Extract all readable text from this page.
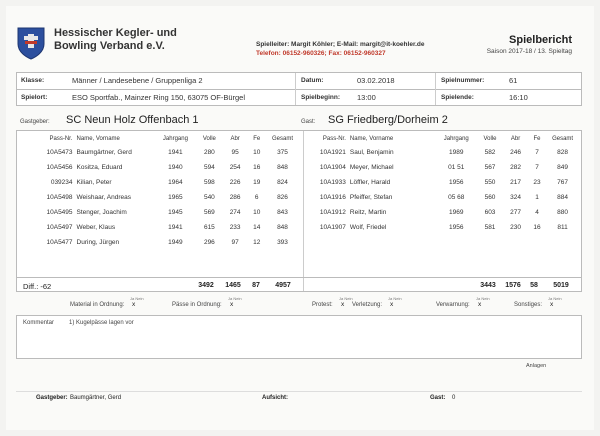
Hessischer Kegler- und
Bowling Verband e.V.	Spielleiter: Margit Köhler; E-Mail: margit@it-koehler.de
Telefon: 06152-960326; Fax: 06152-960327
Spielbericht
Saison 2017-18 / 13. Spieltag
Klasse:	Männer / Landesebene / Gruppenliga 2
Spielort:	ESO Sportfab., Mainzer Ring 150, 63075 OF-Bürgel
Datum:	03.02.2018
Spielbeginn: 13:00
Spielnummer:	61
Spielende:	16:10
Gastgeber: SC Neun Holz Offenbach 1	Gast: SG Friedberg/Dorheim 2
Pass-Nr.	Name, Vorname	Jahrgang	Volle	Abr	Fe	Gesamt
10A5473	Baumgärtner, Gerd	1941	280	95	10	375
10A5456	Kositza, Eduard	1940	594	254	16	848
039234	Kilian, Peter	1964	598	226	19	824
10A5498	Weishaar, Andreas	1965	540	286	6	826
10A5495	Stenger, Joachim	1945	569	274	10	843
10A5497	Weber, Klaus	1941	615	233	14	848
10A5477	During, Jürgen	1949	296	97	12	393
Pass-Nr.	Name, Vorname	Jahrgang	Volle	Abr	Fe	Gesamt
10A1921	Saul, Benjamin	1989	582	246	7	828
10A1904	Meyer, Michael	01 51	567	282	7	849
10A1933	Löffler, Harald	1956	550	217	23	767
10A1916	Pfeiffer, Stefan	05 68	560	324	1	884
10A1912	Reitz, Martin	1969	603	277	4	880
10A1907	Wolf, Friedel	1956	581	230	16	811
Diff.: -62	3492	1465	87	4957	3443	1576	58	5019
Material in Ordnung:
Ja Nein
x	Pässe in Ordnung:
Ja Nein
x	Protest:
Ja Nein
x Verletzung:
Ja Nein
x	Verwarnung:
Ja Nein
x	Sonstiges:
Ja Nein
x
Kommentar 1) Kugelpässe lagen vor
Anlagen
Gastgeber: Baumgärtner, Gerd	Aufsicht:	Gast: 0
